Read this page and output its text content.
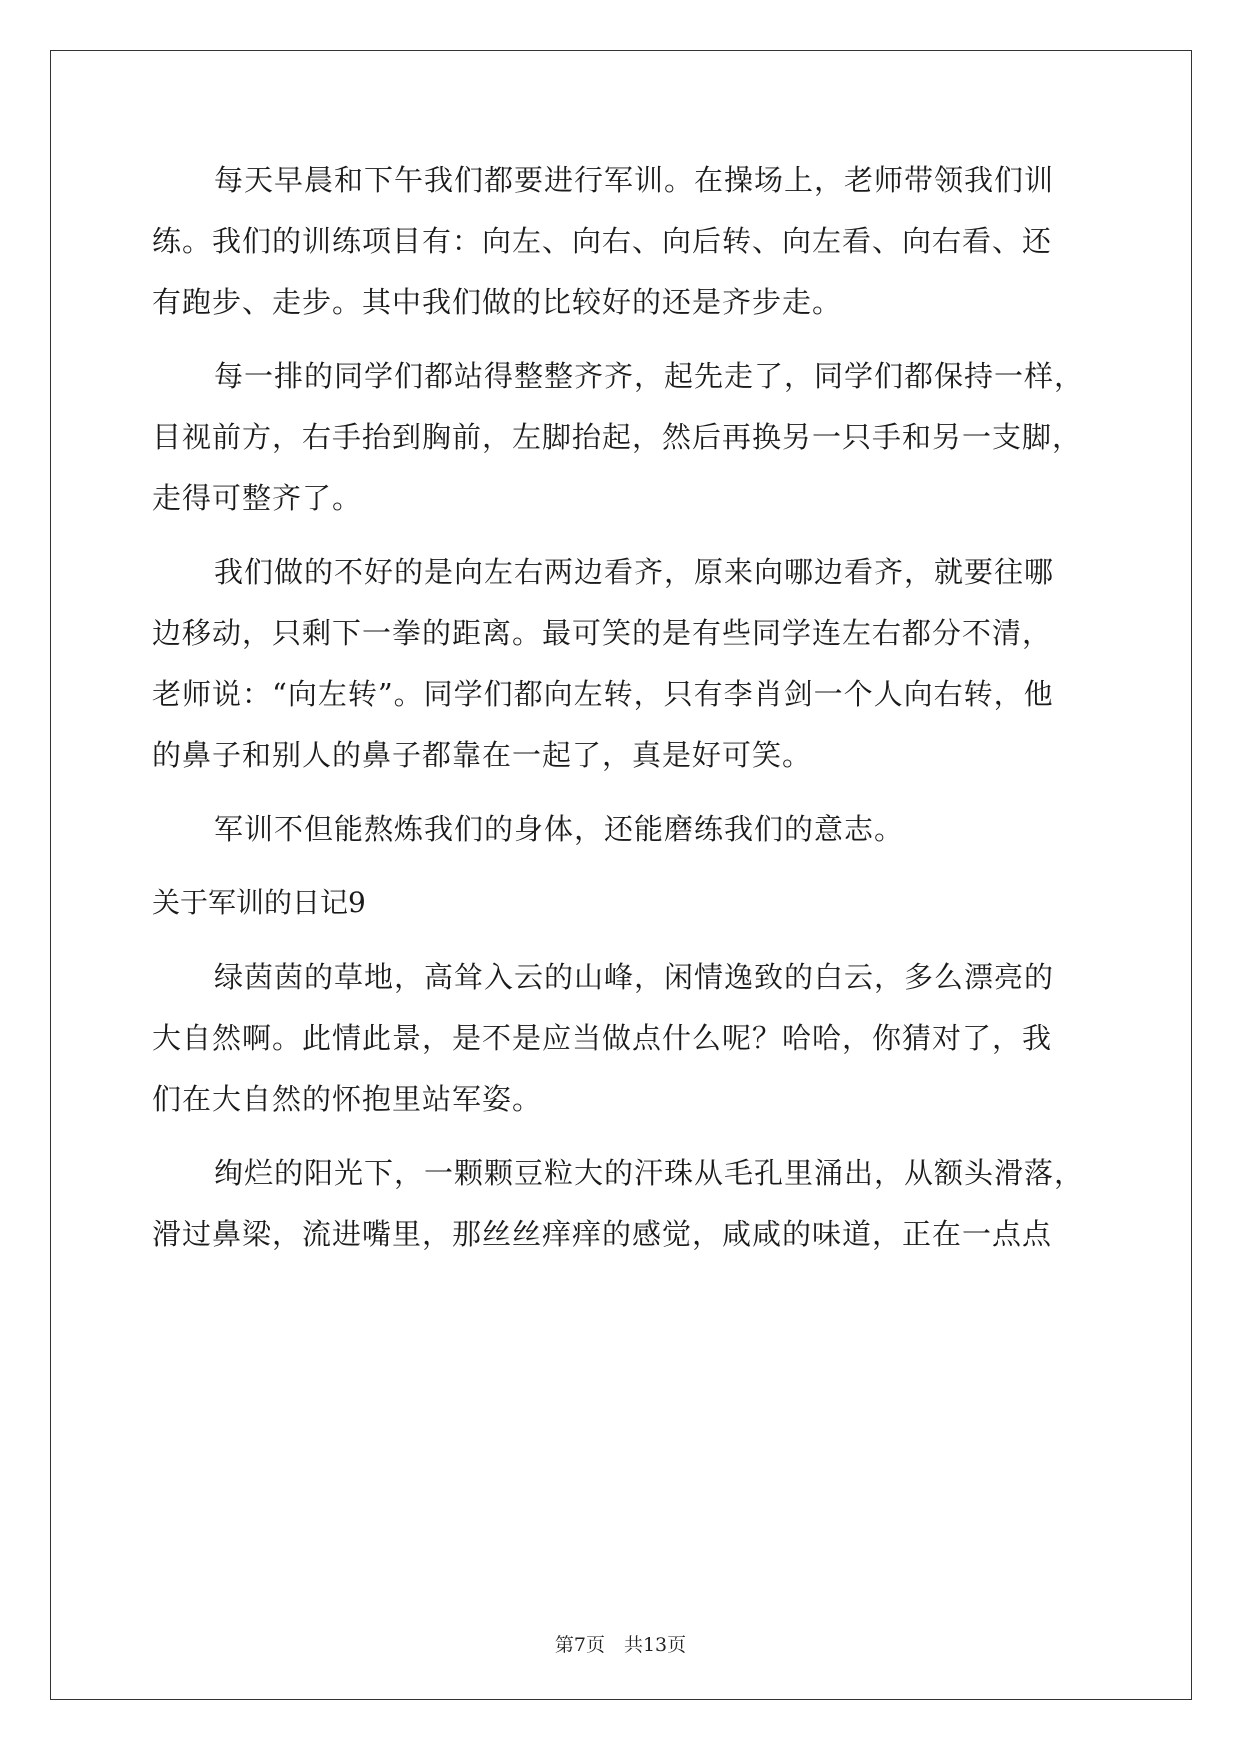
每天早晨和下午我们都要进行军训。在操场上，老师带领我们训
练。我们的训练项目有：向左、向右、向后转、向左看、向右看、还
有跑步、走步。其中我们做的比较好的还是齐步走。
每一排的同学们都站得整整齐齐，起先走了，同学们都保持一样，
目视前方，右手抬到胸前，左脚抬起，然后再换另一只手和另一支脚，
走得可整齐了。
我们做的不好的是向左右两边看齐，原来向哪边看齐，就要往哪
边移动，只剩下一拳的距离。最可笑的是有些同学连左右都分不清，
老师说：“向左转”。同学们都向左转，只有李肖剑一个人向右转，他
的鼻子和别人的鼻子都靠在一起了，真是好可笑。
军训不但能熬炼我们的身体，还能磨练我们的意志。
关于军训的日记9
绿茵茵的草地，高耸入云的山峰，闲情逸致的白云，多么漂亮的
大自然啊。此情此景，是不是应当做点什么呢？哈哈，你猜对了，我
们在大自然的怀抱里站军姿。
绚烂的阳光下，一颗颗豆粒大的汗珠从毛孔里涌出，从额头滑落，
滑过鼻梁，流进嘴里，那丝丝痒痒的感觉，咸咸的味道，正在一点点
第7页　共13页
